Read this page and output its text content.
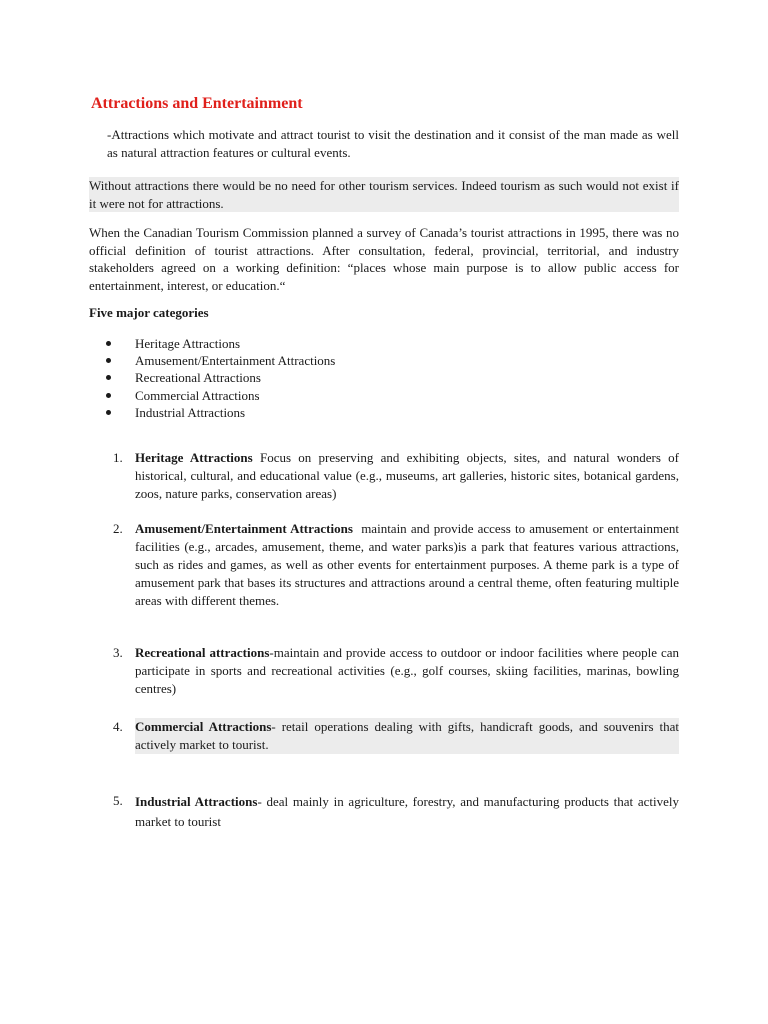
Attractions and Entertainment
-Attractions which motivate and attract tourist to visit the destination and it consist of the man made as well as natural attraction features or cultural events.
Without attractions there would be no need for other tourism services. Indeed tourism as such would not exist if it were not for attractions.
When the Canadian Tourism Commission planned a survey of Canada’s tourist attractions in 1995, there was no official definition of tourist attractions. After consultation, federal, provincial, territorial, and industry stakeholders agreed on a working definition: “places whose main purpose is to allow public access for entertainment, interest, or education.“
Five major categories
Heritage Attractions
Amusement/Entertainment Attractions
Recreational Attractions
Commercial Attractions
Industrial Attractions
1. Heritage Attractions Focus on preserving and exhibiting objects, sites, and natural wonders of historical, cultural, and educational value (e.g., museums, art galleries, historic sites, botanical gardens, zoos, nature parks, conservation areas)
2. Amusement/Entertainment Attractions  maintain and provide access to amusement or entertainment facilities (e.g., arcades, amusement, theme, and water parks)is a park that features various attractions, such as rides and games, as well as other events for entertainment purposes. A theme park is a type of amusement park that bases its structures and attractions around a central theme, often featuring multiple areas with different themes.
3. Recreational attractions-maintain and provide access to outdoor or indoor facilities where people can participate in sports and recreational activities (e.g., golf courses, skiing facilities, marinas, bowling centres)
4. Commercial Attractions- retail operations dealing with gifts, handicraft goods, and souvenirs that actively market to tourist.
5. Industrial Attractions- deal mainly in agriculture, forestry, and manufacturing products that actively market to tourist
